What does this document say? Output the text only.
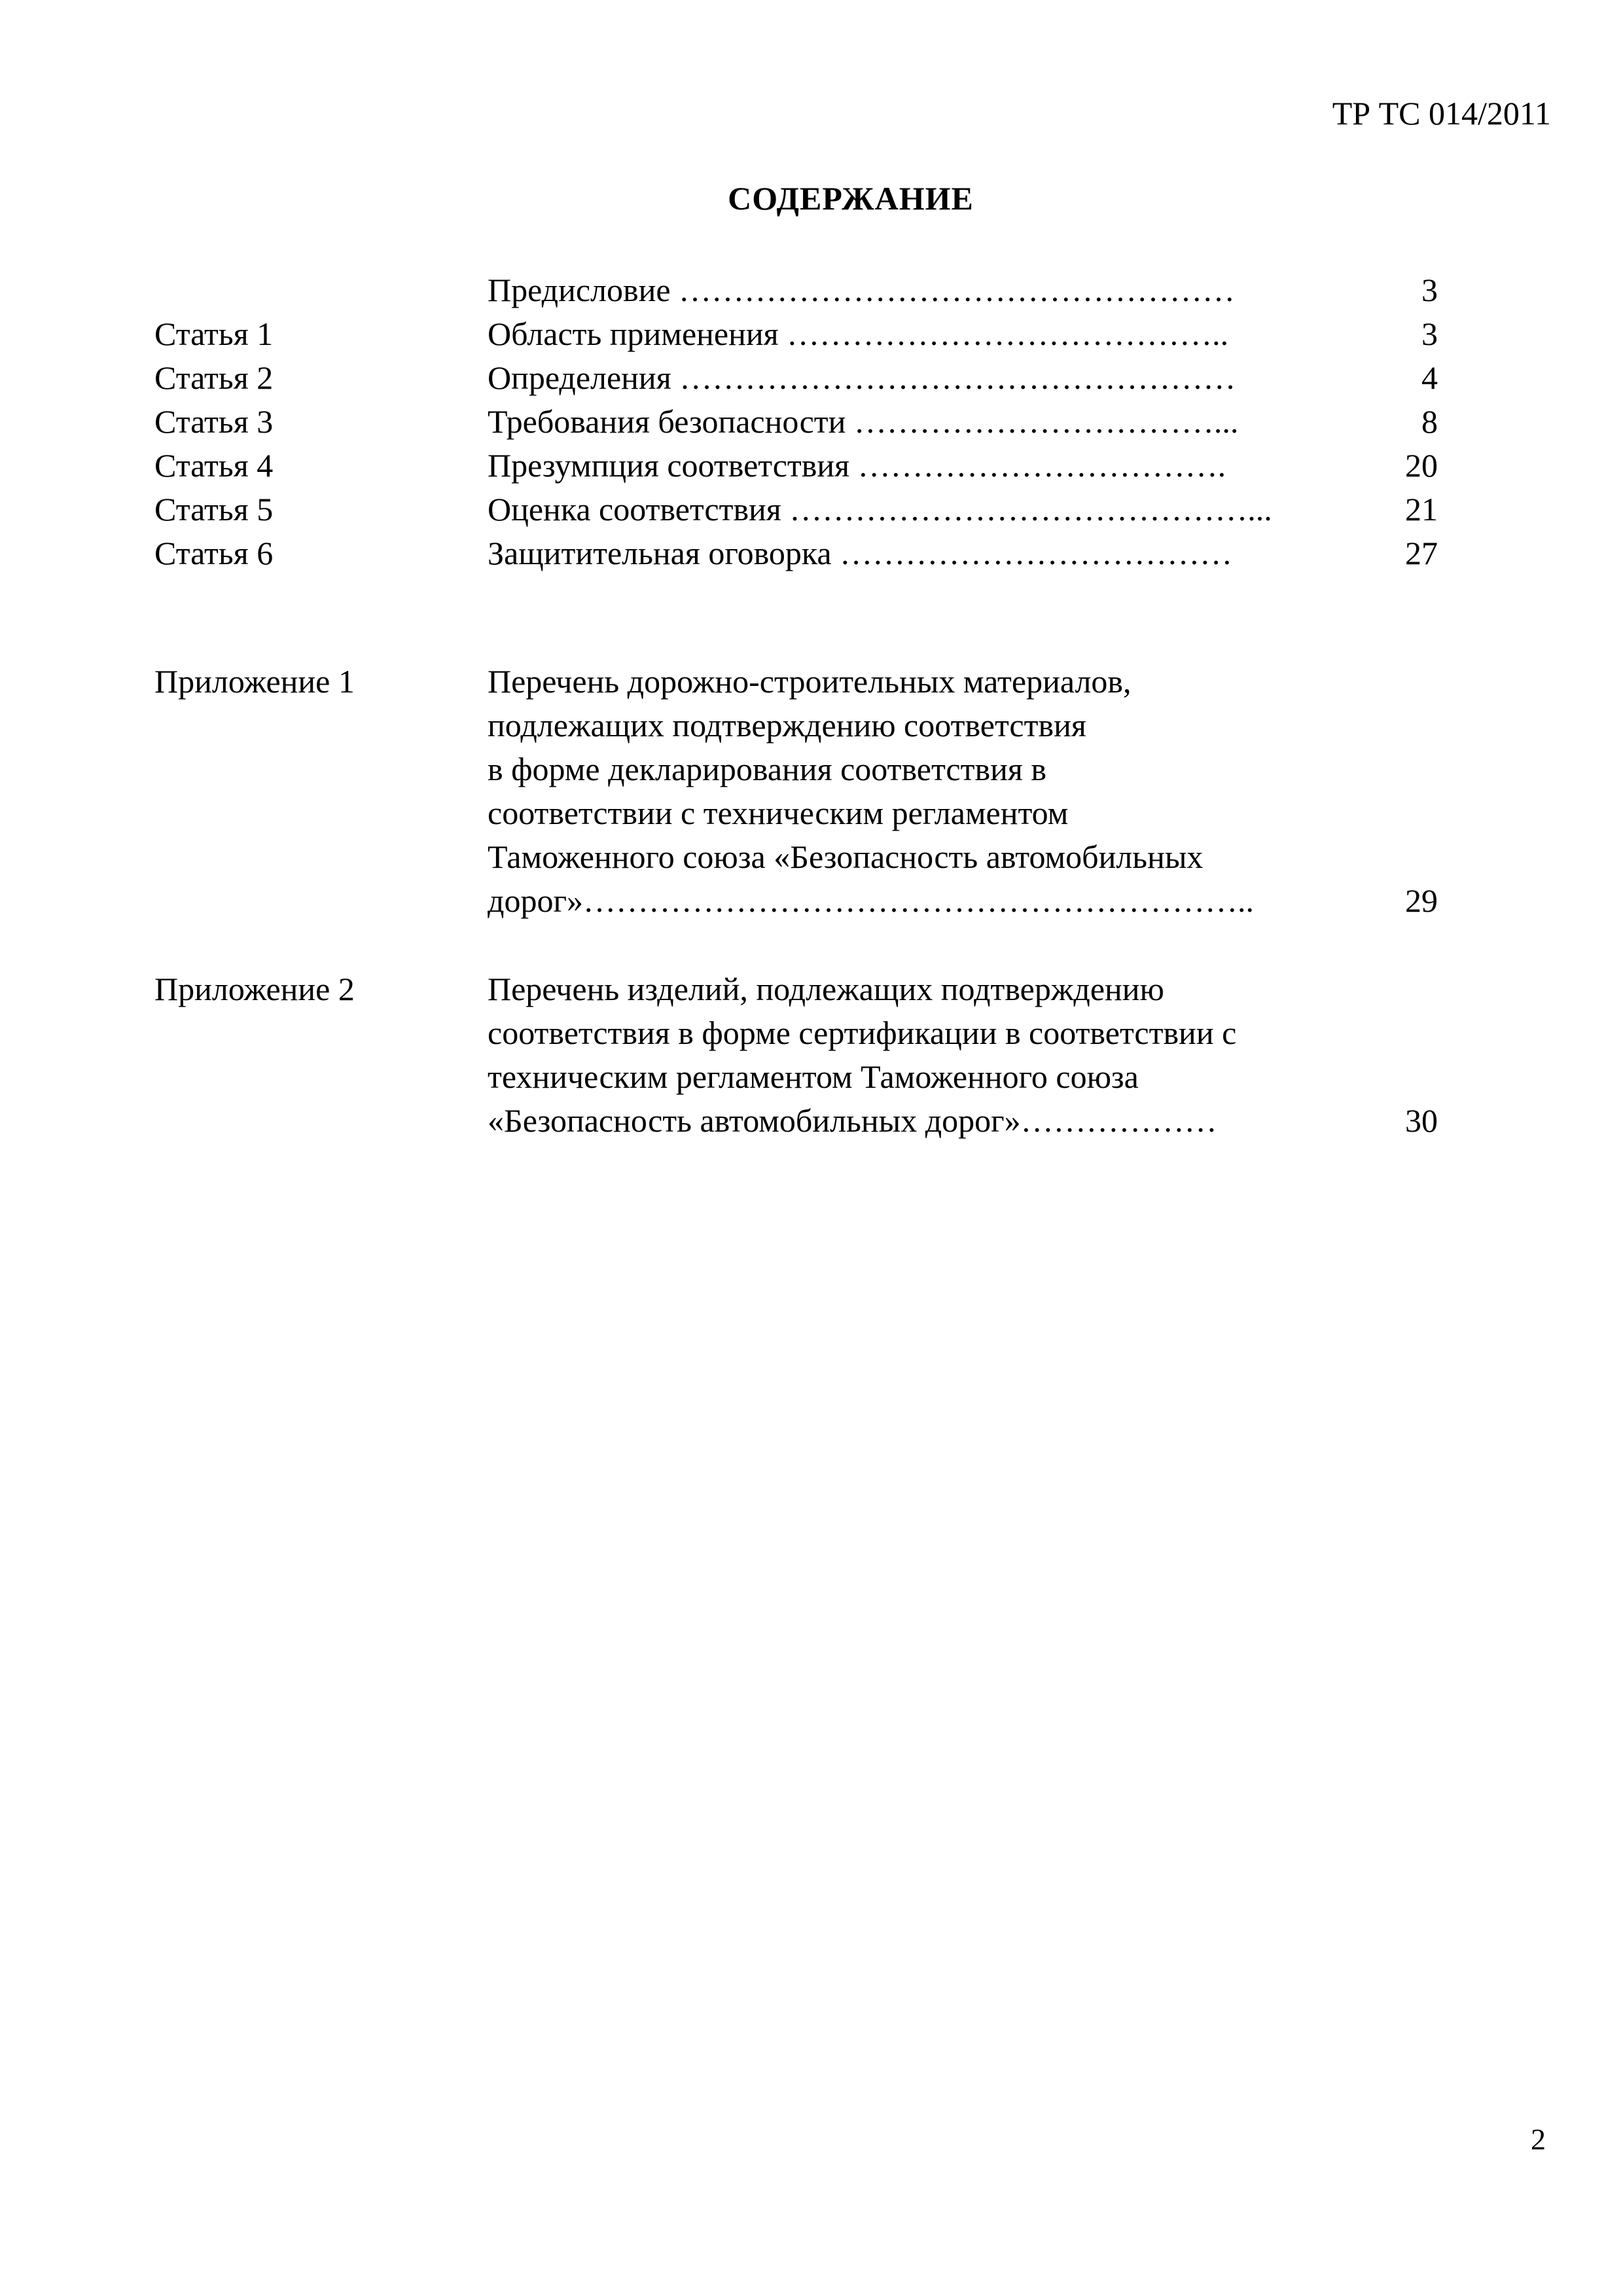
ТР ТС 014/2011
СОДЕРЖАНИЕ
Предисловие ……………………………………………	3
Статья 1	Область применения …………………………………..	3
Статья 2	Определения ……………………………………………	4
Статья 3	Требования безопасности ……………………………...	8
Статья 4	Презумпция соответствия …………………………….	20
Статья 5	Оценка соответствия ……………………………………...	21
Статья 6	Защитительная оговорка ………………………………	27
Приложение 1	Перечень дорожно-строительных материалов,
подлежащих подтверждению соответствия
в форме декларирования соответствия в
соответствии с техническим регламентом
Таможенного союза «Безопасность автомобильных
дорог»……………………………………………………..	29
Приложение 2	Перечень изделий, подлежащих подтверждению
соответствия в форме сертификации в соответствии с
техническим регламентом Таможенного союза
«Безопасность автомобильных дорог»………………	30
2
